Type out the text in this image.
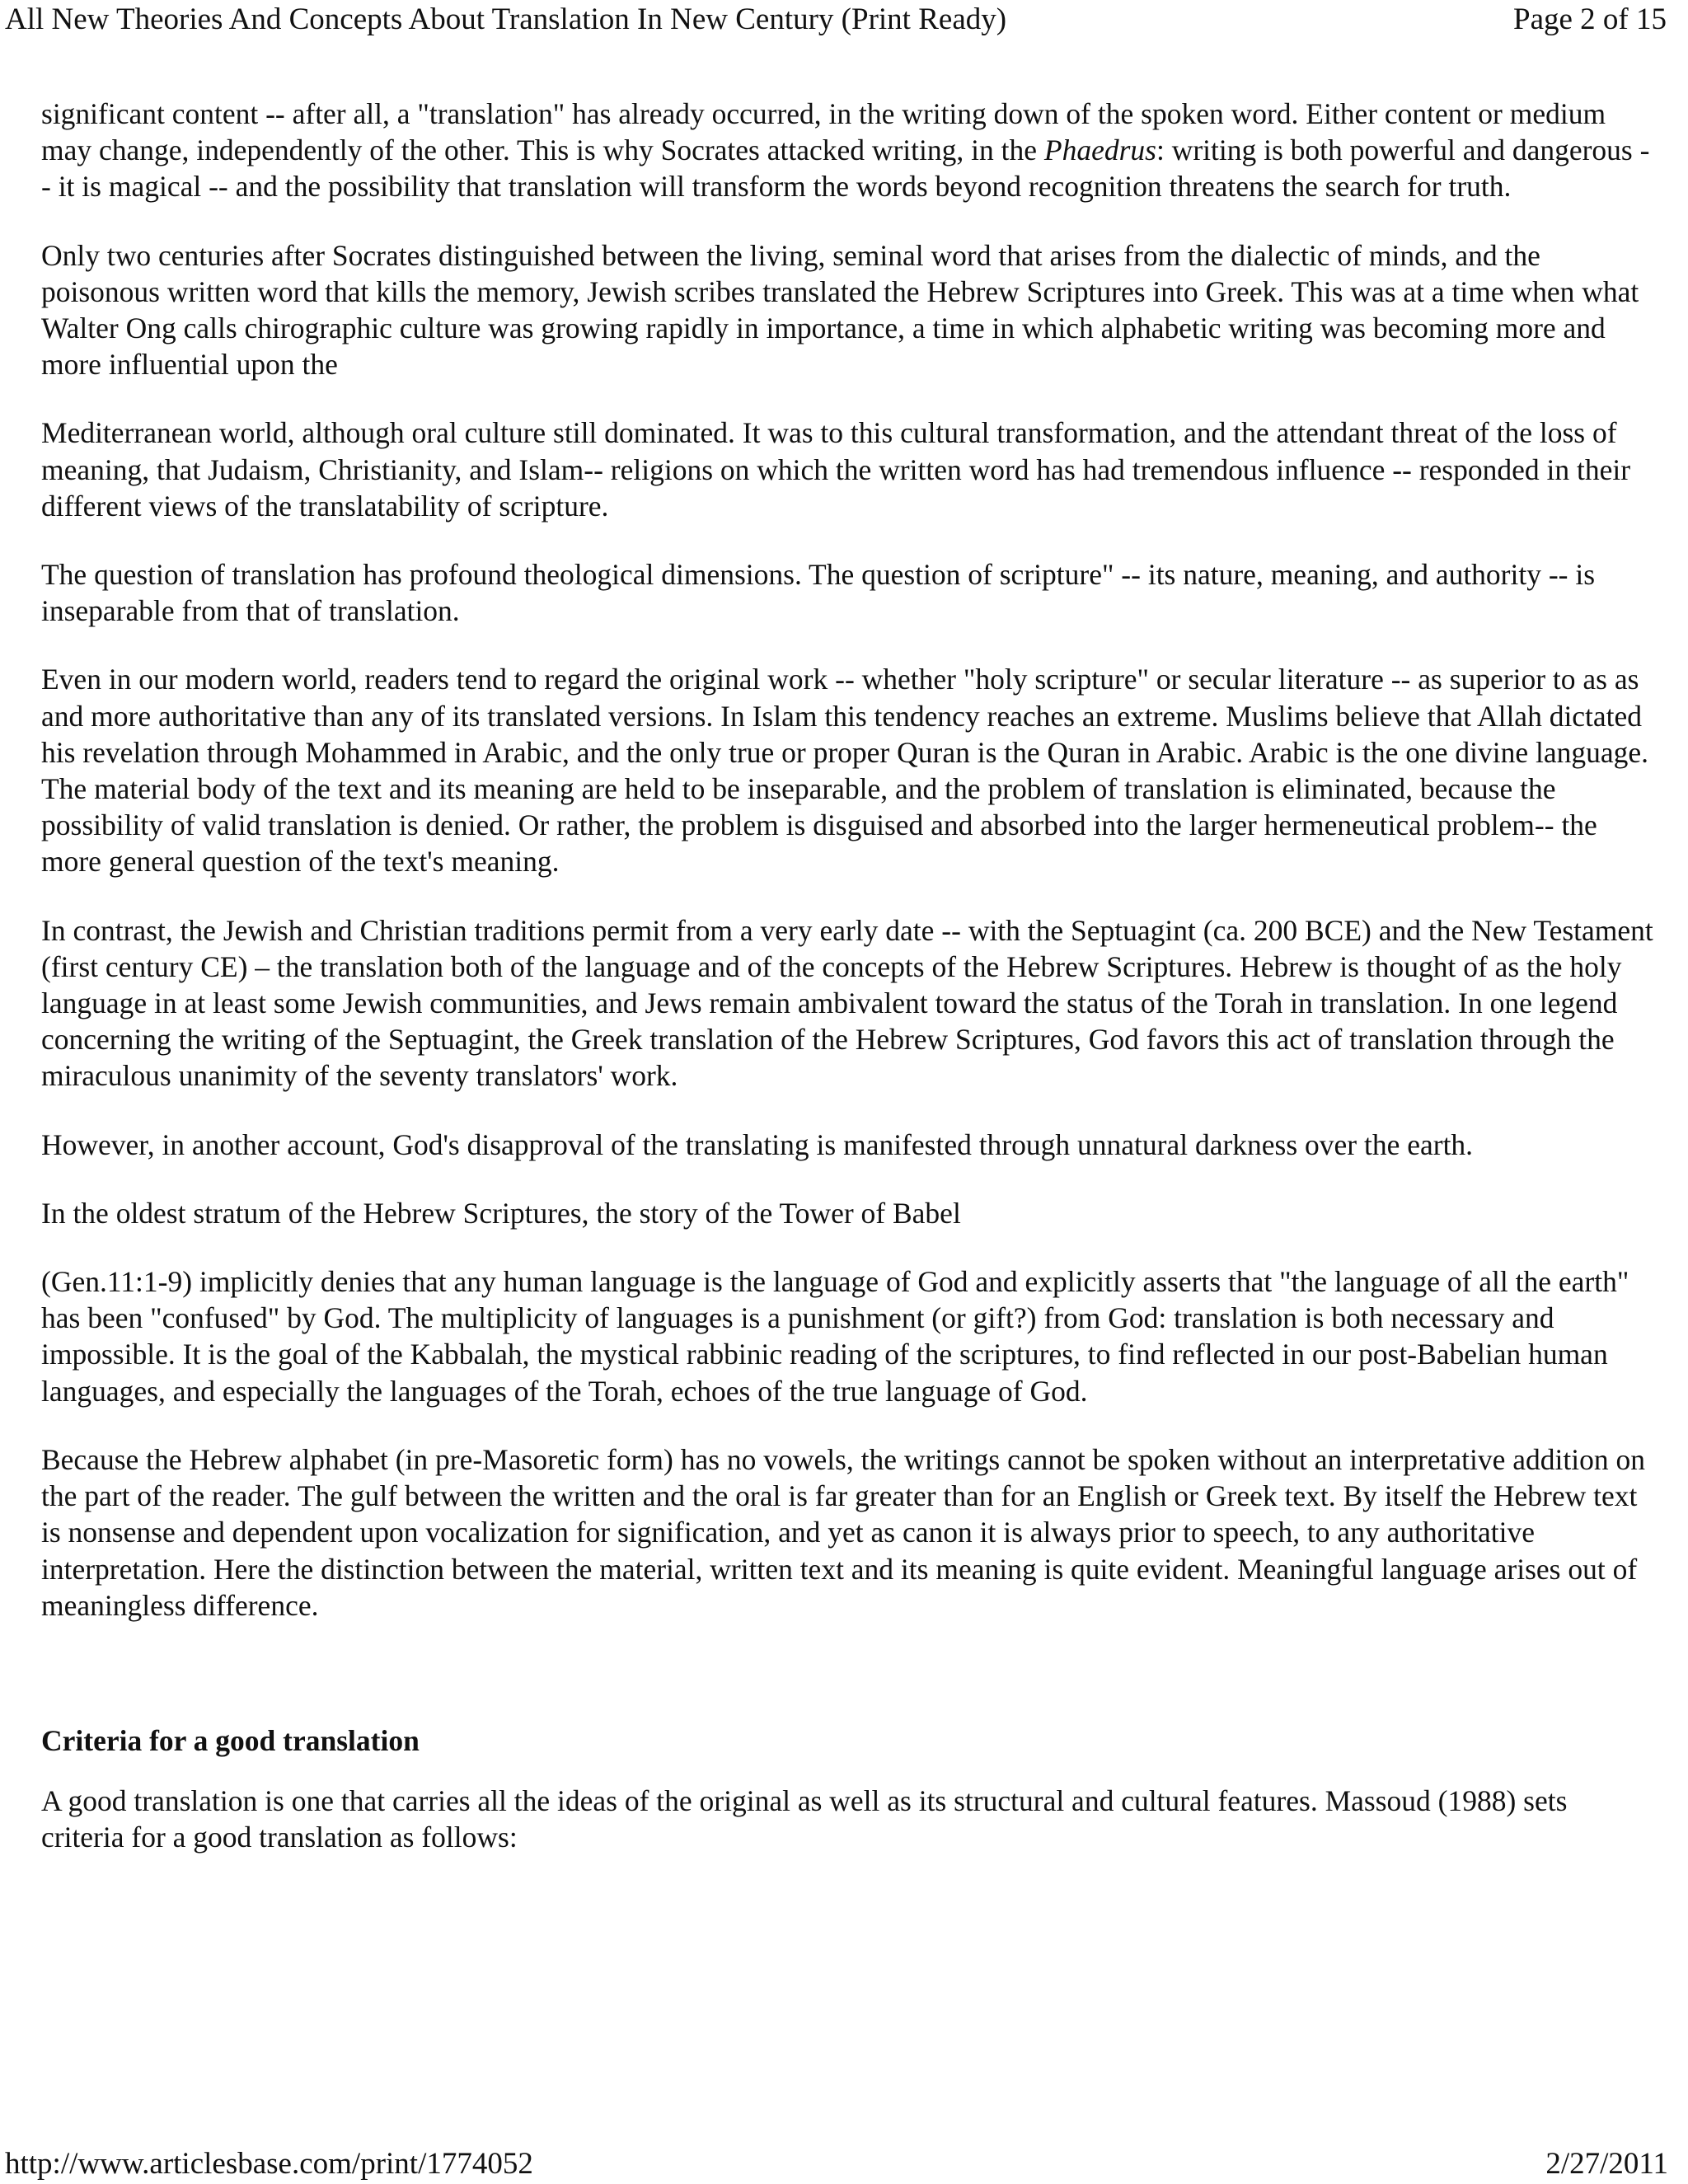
All New Theories And Concepts About Translation In New Century (Print Ready)	Page 2 of 15

significant content -- after all, a "translation" has already occurred, in the writing down of the spoken word. Either content or medium may change, independently of the other. This is why Socrates attacked writing, in the Phaedrus: writing is both powerful and dangerous -- it is magical -- and the possibility that translation will transform the words beyond recognition threatens the search for truth.

Only two centuries after Socrates distinguished between the living, seminal word that arises from the dialectic of minds, and the poisonous written word that kills the memory, Jewish scribes translated the Hebrew Scriptures into Greek. This was at a time when what Walter Ong calls chirographic culture was growing rapidly in importance, a time in which alphabetic writing was becoming more and more influential upon the

Mediterranean world, although oral culture still dominated. It was to this cultural transformation, and the attendant threat of the loss of meaning, that Judaism, Christianity, and Islam-- religions on which the written word has had tremendous influence -- responded in their different views of the translatability of scripture.

The question of translation has profound theological dimensions. The question of scripture" -- its nature, meaning, and authority -- is inseparable from that of translation.

Even in our modern world, readers tend to regard the original work -- whether "holy scripture" or secular literature -- as superior to as as and more authoritative than any of its translated versions. In Islam this tendency reaches an extreme. Muslims believe that Allah dictated his revelation through Mohammed in Arabic, and the only true or proper Quran is the Quran in Arabic. Arabic is the one divine language. The material body of the text and its meaning are held to be inseparable, and the problem of translation is eliminated, because the possibility of valid translation is denied. Or rather, the problem is disguised and absorbed into the larger hermeneutical problem-- the more general question of the text's meaning.

In contrast, the Jewish and Christian traditions permit from a very early date -- with the Septuagint (ca. 200 BCE) and the New Testament (first century CE) – the translation both of the language and of the concepts of the Hebrew Scriptures. Hebrew is thought of as the holy language in at least some Jewish communities, and Jews remain ambivalent toward the status of the Torah in translation. In one legend concerning the writing of the Septuagint, the Greek translation of the Hebrew Scriptures, God favors this act of translation through the miraculous unanimity of the seventy translators' work.

However, in another account, God's disapproval of the translating is manifested through unnatural darkness over the earth.

In the oldest stratum of the Hebrew Scriptures, the story of the Tower of Babel

(Gen.11:1-9) implicitly denies that any human language is the language of God and explicitly asserts that "the language of all the earth" has been "confused" by God. The multiplicity of languages is a punishment (or gift?) from God: translation is both necessary and impossible. It is the goal of the Kabbalah, the mystical rabbinic reading of the scriptures, to find reflected in our post-Babelian human languages, and especially the languages of the Torah, echoes of the true language of God.

Because the Hebrew alphabet (in pre-Masoretic form) has no vowels, the writings cannot be spoken without an interpretative addition on the part of the reader. The gulf between the written and the oral is far greater than for an English or Greek text. By itself the Hebrew text is nonsense and dependent upon vocalization for signification, and yet as canon it is always prior to speech, to any authoritative interpretation. Here the distinction between the material, written text and its meaning is quite evident. Meaningful language arises out of meaningless difference.

Criteria for a good translation

A good translation is one that carries all the ideas of the original as well as its structural and cultural features. Massoud (1988) sets criteria for a good translation as follows:

http://www.articlesbase.com/print/1774052	2/27/2011
